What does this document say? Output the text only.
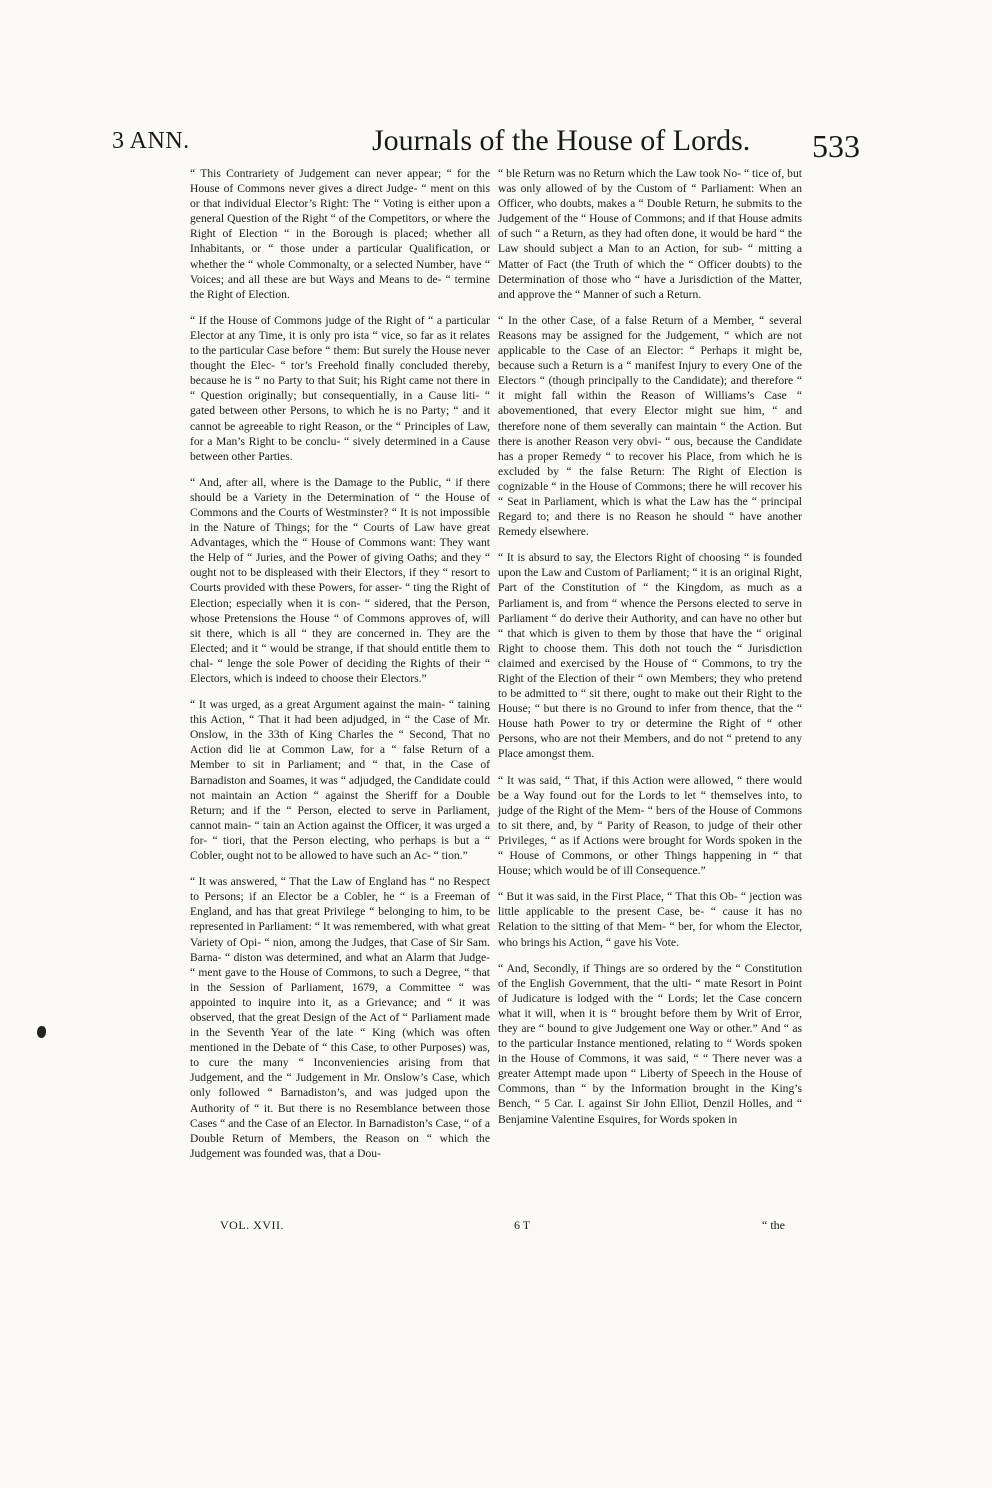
3 ANN.	Journals of the House of Lords. 533

“ This Contrariety of Judgement can never appear; “ for the House of Commons never gives a direct Judge- “ ment on this or that individual Elector’s Right: The “ Voting is either upon a general Question of the Right “ of the Competitors, or where the Right of Election “ in the Borough is placed; whether all Inhabitants, or “ those under a particular Qualification, or whether the “ whole Commonalty, or a selected Number, have “ Voices; and all these are but Ways and Means to de- “ termine the Right of Election.

“ If the House of Commons judge of the Right of “ a particular Elector at any Time, it is only pro ista “ vice, so far as it relates to the particular Case before “ them: But surely the House never thought the Elec- “ tor’s Freehold finally concluded thereby, because he is “ no Party to that Suit; his Right came not there in “ Question originally; but consequentially, in a Cause liti- “ gated between other Persons, to which he is no Party; “ and it cannot be agreeable to right Reason, or the “ Principles of Law, for a Man’s Right to be conclu- “ sively determined in a Cause between other Parties.

“ And, after all, where is the Damage to the Public, “ if there should be a Variety in the Determination of “ the House of Commons and the Courts of Westminster? “ It is not impossible in the Nature of Things; for the “ Courts of Law have great Advantages, which the “ House of Commons want: They want the Help of “ Juries, and the Power of giving Oaths; and they “ ought not to be displeased with their Electors, if they “ resort to Courts provided with these Powers, for asser- “ ting the Right of Election; especially when it is con- “ sidered, that the Person, whose Pretensions the House “ of Commons approves of, will sit there, which is all “ they are concerned in. They are the Elected; and it “ would be strange, if that should entitle them to chal- “ lenge the sole Power of deciding the Rights of their “ Electors, which is indeed to choose their Electors.”

“ It was urged, as a great Argument against the main- “ taining this Action, “ That it had been adjudged, in “ the Case of Mr. Onslow, in the 33th of King Charles the “ Second, That no Action did lie at Common Law, for a “ false Return of a Member to sit in Parliament; and “ that, in the Case of Barnadiston and Soames, it was “ adjudged, the Candidate could not maintain an Action “ against the Sheriff for a Double Return; and if the “ Person, elected to serve in Parliament, cannot main- “ tain an Action against the Officer, it was urged a for- “ tiori, that the Person electing, who perhaps is but a “ Cobler, ought not to be allowed to have such an Ac- “ tion.”

“ It was answered, “ That the Law of England has “ no Respect to Persons; if an Elector be a Cobler, he “ is a Freeman of England, and has that great Privilege “ belonging to him, to be represented in Parliament: “ It was remembered, with what great Variety of Opi- “ nion, among the Judges, that Case of Sir Sam. Barna- “ diston was determined, and what an Alarm that Judge- “ ment gave to the House of Commons, to such a Degree, “ that in the Session of Parliament, 1679, a Committee “ was appointed to inquire into it, as a Grievance; and “ it was observed, that the great Design of the Act of “ Parliament made in the Seventh Year of the late “ King (which was often mentioned in the Debate of “ this Case, to other Purposes) was, to cure the many “ Inconveniencies arising from that Judgement, and the “ Judgement in Mr. Onslow’s Case, which only followed “ Barnadiston’s, and was judged upon the Authority of “ it. But there is no Resemblance between those Cases “ and the Case of an Elector. In Barnadiston’s Case, “ of a Double Return of Members, the Reason on “ which the Judgement was founded was, that a Dou-

“ ble Return was no Return which the Law took No- “ tice of, but was only allowed of by the Custom of “ Parliament: When an Officer, who doubts, makes a “ Double Return, he submits to the Judgement of the “ House of Commons; and if that House admits of such “ a Return, as they had often done, it would be hard “ the Law should subject a Man to an Action, for sub- “ mitting a Matter of Fact (the Truth of which the “ Officer doubts) to the Determination of those who “ have a Jurisdiction of the Matter, and approve the “ Manner of such a Return.

“ In the other Case, of a false Return of a Member, “ several Reasons may be assigned for the Judgement, “ which are not applicable to the Case of an Elector: “ Perhaps it might be, because such a Return is a “ manifest Injury to every One of the Electors “ (though principally to the Candidate); and therefore “ it might fall within the Reason of Williams’s Case “ abovementioned, that every Elector might sue him, “ and therefore none of them severally can maintain “ the Action. But there is another Reason very obvi- “ ous, because the Candidate has a proper Remedy “ to recover his Place, from which he is excluded by “ the false Return: The Right of Election is cognizable “ in the House of Commons; there he will recover his “ Seat in Parliament, which is what the Law has the “ principal Regard to; and there is no Reason he should “ have another Remedy elsewhere.

“ It is absurd to say, the Electors Right of choosing “ is founded upon the Law and Custom of Parliament; “ it is an original Right, Part of the Constitution of “ the Kingdom, as much as a Parliament is, and from “ whence the Persons elected to serve in Parliament “ do derive their Authority, and can have no other but “ that which is given to them by those that have the “ original Right to choose them. This doth not touch the “ Jurisdiction claimed and exercised by the House of “ Commons, to try the Right of the Election of their “ own Members; they who pretend to be admitted to “ sit there, ought to make out their Right to the House; “ but there is no Ground to infer from thence, that the “ House hath Power to try or determine the Right of “ other Persons, who are not their Members, and do not “ pretend to any Place amongst them.

“ It was said, “ That, if this Action were allowed, “ there would be a Way found out for the Lords to let “ themselves into, to judge of the Right of the Mem- “ bers of the House of Commons to sit there, and, by “ Parity of Reason, to judge of their other Privileges, “ as if Actions were brought for Words spoken in the “ House of Commons, or other Things happening in “ that House; which would be of ill Consequence.”

“ But it was said, in the First Place, “ That this Ob- “ jection was little applicable to the present Case, be- “ cause it has no Relation to the sitting of that Mem- “ ber, for whom the Elector, who brings his Action, “ gave his Vote.

“ And, Secondly, if Things are so ordered by the “ Constitution of the English Government, that the ulti- “ mate Resort in Point of Judicature is lodged with the “ Lords; let the Case concern what it will, when it is “ brought before them by Writ of Error, they are “ bound to give Judgement one Way or other.” And “ as to the particular Instance mentioned, relating to “ Words spoken in the House of Commons, it was said, “ “ There never was a greater Attempt made upon “ Liberty of Speech in the House of Commons, than “ by the Information brought in the King’s Bench, “ 5 Car. I. against Sir John Elliot, Denzil Holles, and “ Benjamine Valentine Esquires, for Words spoken in

VOL. XVII.	6 T	“ the
